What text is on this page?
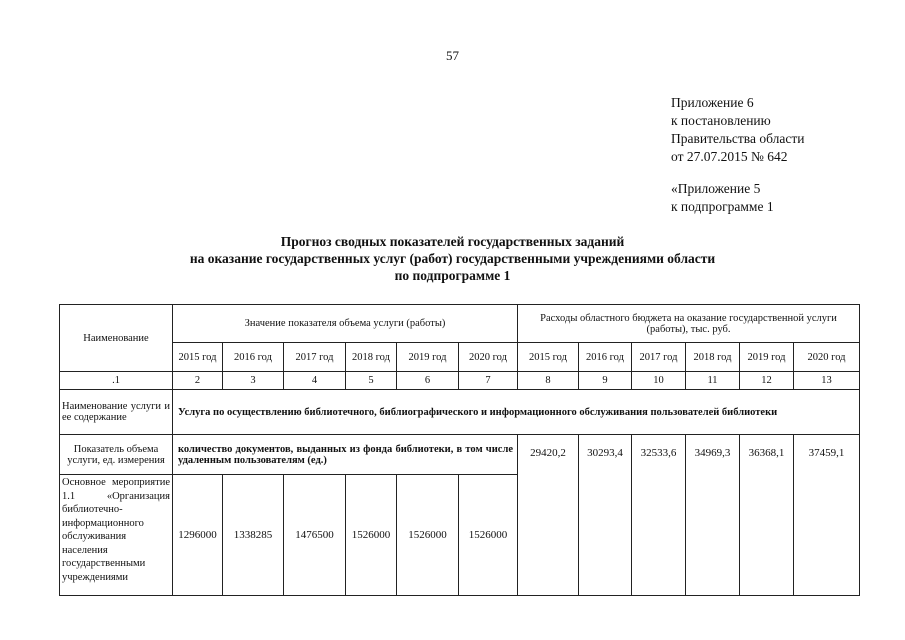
57
Приложение 6
к постановлению
Правительства области
от 27.07.2015 № 642
«Приложение 5
к подпрограмме 1
Прогноз сводных показателей государственных заданий
на оказание государственных услуг (работ) государственными учреждениями области
по подпрограмме 1
Наименование	Значение показателя объема услуги (работы)						Расходы областного бюджета на оказание государственной услуги (работы), тыс. руб.					
	2015 год	2016 год	2017 год	2018 год	2019 год	2020 год	2015 год	2016 год	2017 год	2018 год	2019 год	2020 год
.1	2	3	4	5	6	7	8	9	10	11	12	13
Наименование услуги и ее содержание	Услуга по осуществлению библиотечного, библиографического и информационного обслуживания пользователей библиотеки											
Показатель объема услуги, ед. измерения	количество документов, выданных из фонда библиотеки, в том числе удаленным пользователям (ед.)						29420,2	30293,4	32533,6	34969,3	36368,1	37459,1
Основное мероприятие 1.1 «Организация библиотечно-информационного обслуживания населения государственными учреждениями	1296000	1338285	1476500	1526000	1526000	1526000						
